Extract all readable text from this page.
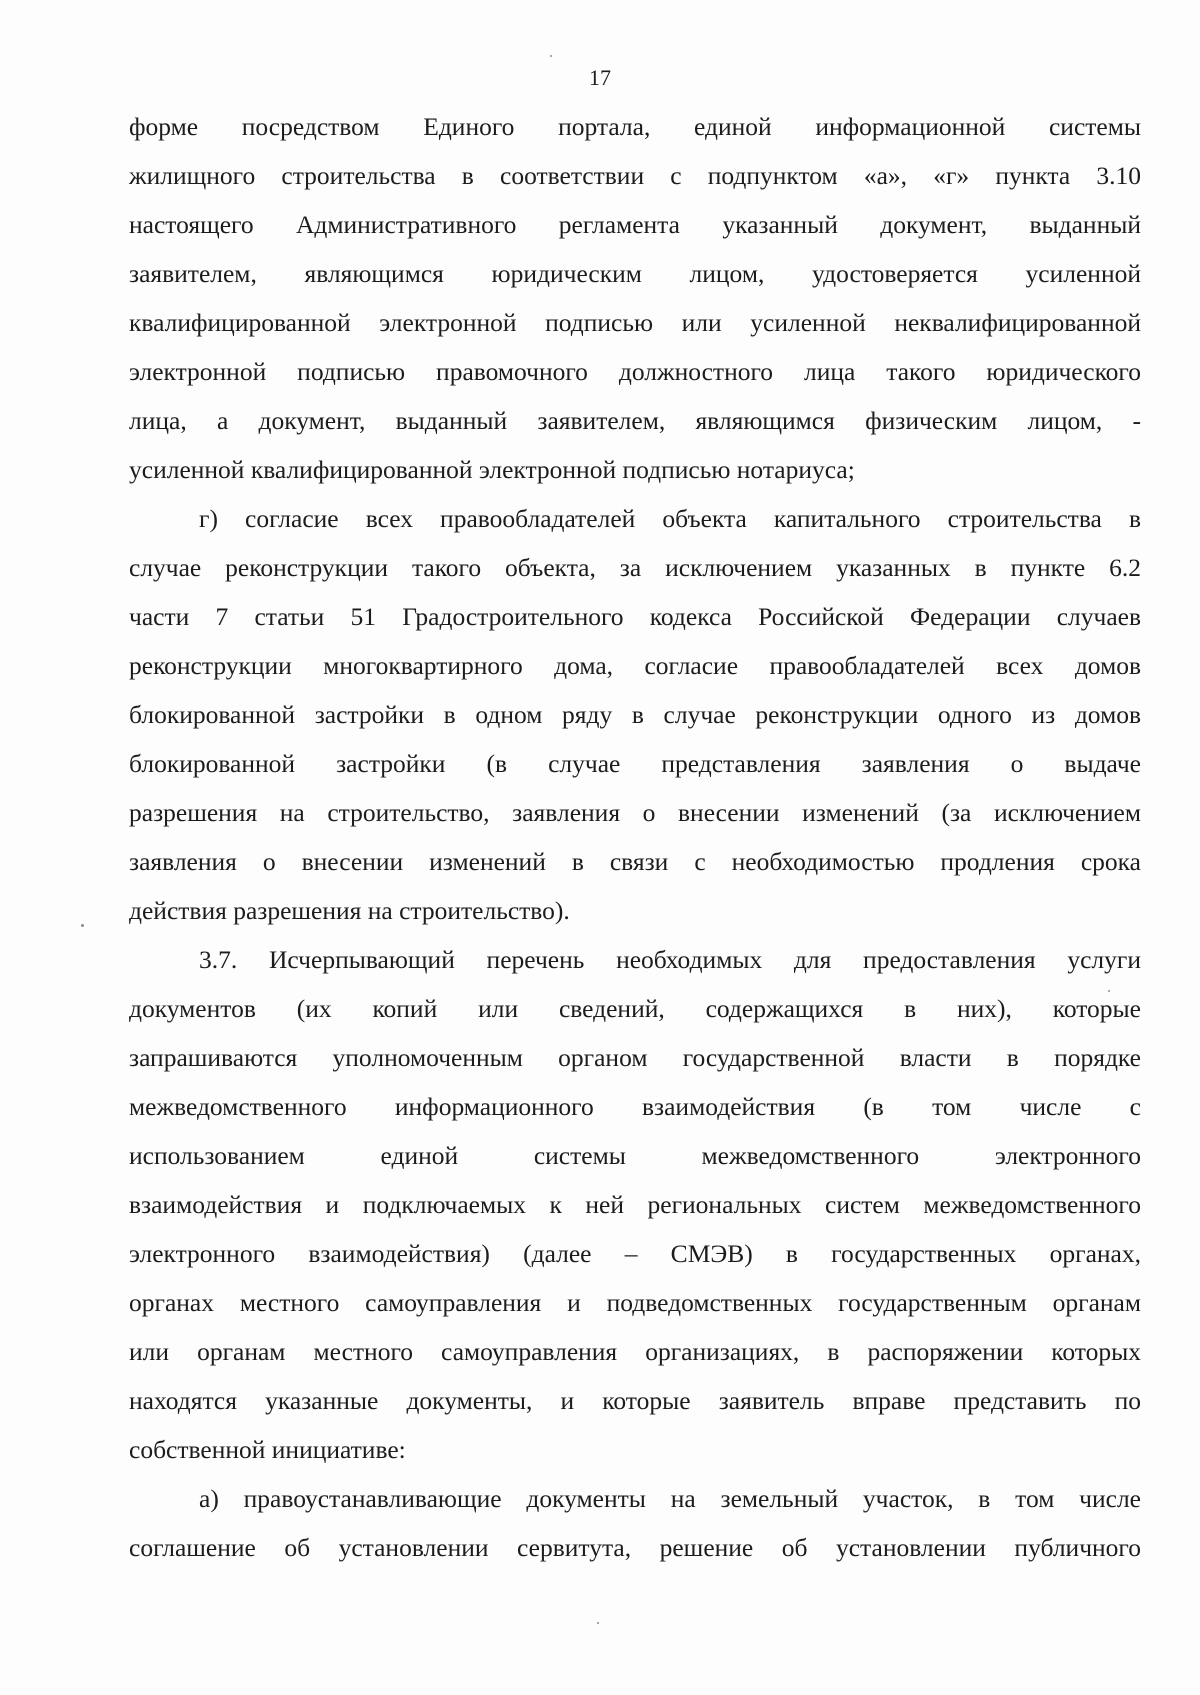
17
форме посредством Единого портала, единой информационной системы
жилищного строительства в соответствии с подпунктом «а», «г» пункта 3.10
настоящего Административного регламента указанный документ, выданный
заявителем, являющимся юридическим лицом, удостоверяется усиленной
квалифицированной электронной подписью или усиленной неквалифицированной
электронной подписью правомочного должностного лица такого юридического
лица, а документ, выданный заявителем, являющимся физическим лицом, -
усиленной квалифицированной электронной подписью нотариуса;
г) согласие всех правообладателей объекта капитального строительства в
случае реконструкции такого объекта, за исключением указанных в пункте 6.2
части 7 статьи 51 Градостроительного кодекса Российской Федерации случаев
реконструкции многоквартирного дома, согласие правообладателей всех домов
блокированной застройки в одном ряду в случае реконструкции одного из домов
блокированной застройки (в случае представления заявления о выдаче
разрешения на строительство, заявления о внесении изменений (за исключением
заявления о внесении изменений в связи с необходимостью продления срока
действия разрешения на строительство).
3.7. Исчерпывающий перечень необходимых для предоставления услуги
документов (их копий или сведений, содержащихся в них), которые
запрашиваются уполномоченным органом государственной власти в порядке
межведомственного информационного взаимодействия (в том числе с
использованием единой системы межведомственного электронного
взаимодействия и подключаемых к ней региональных систем межведомственного
электронного взаимодействия) (далее – СМЭВ) в государственных органах,
органах местного самоуправления и подведомственных государственным органам
или органам местного самоуправления организациях, в распоряжении которых
находятся указанные документы, и которые заявитель вправе представить по
собственной инициативе:
а) правоустанавливающие документы на земельный участок, в том числе
соглашение об установлении сервитута, решение об установлении публичного
